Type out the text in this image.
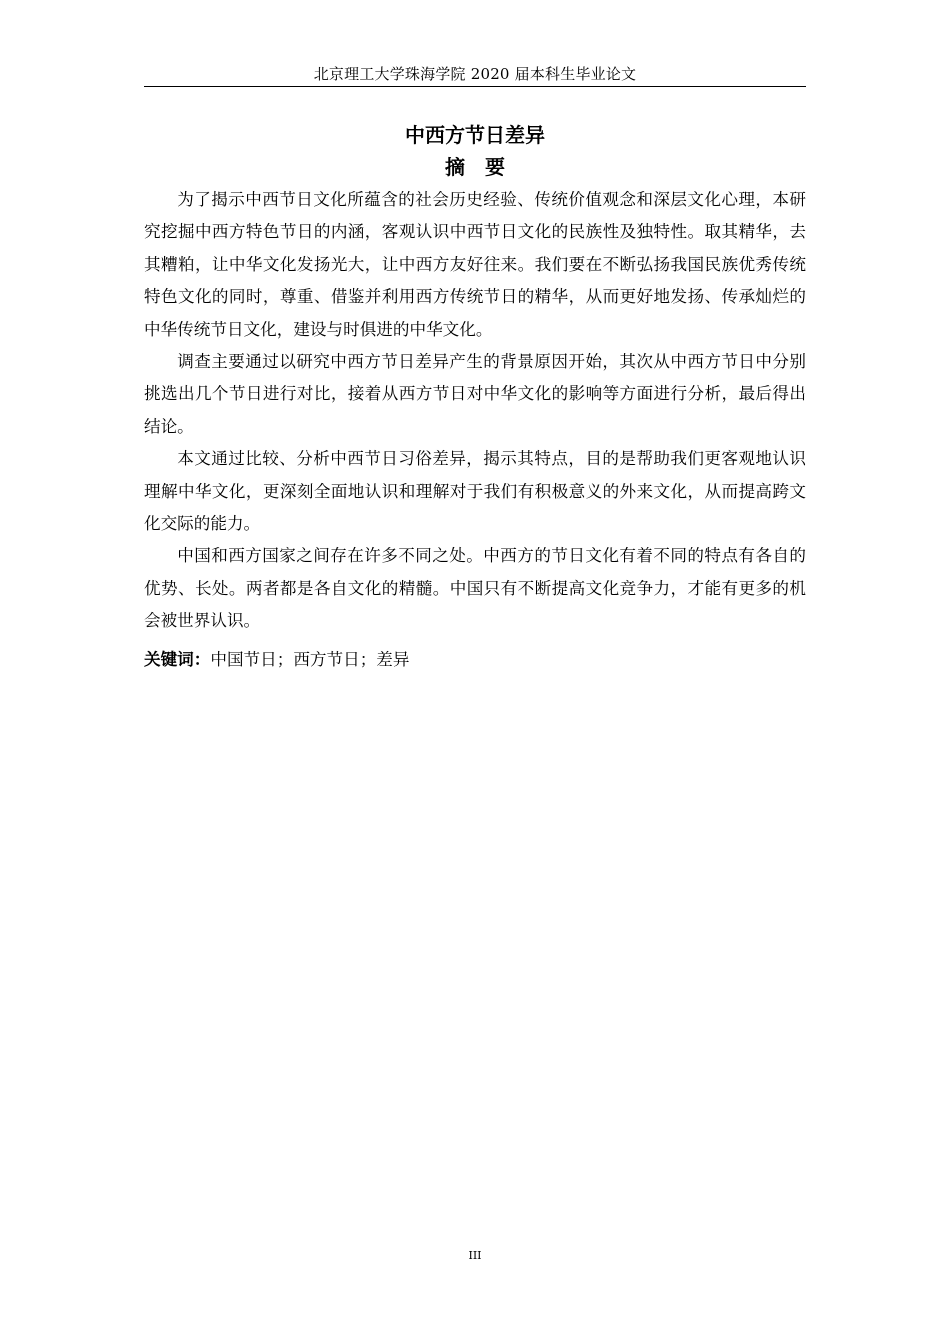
北京理工大学珠海学院 2020 届本科生毕业论文
中西方节日差异
摘要

为了揭示中西节日文化所蕴含的社会历史经验、传统价值观念和深层文化心理，本研究挖掘中西方特色节日的内涵，客观认识中西节日文化的民族性及独特性。取其精华，去其糟粕，让中华文化发扬光大，让中西方友好往来。我们要在不断弘扬我国民族优秀传统特色文化的同时，尊重、借鉴并利用西方传统节日的精华，从而更好地发扬、传承灿烂的中华传统节日文化，建设与时俱进的中华文化。

调查主要通过以研究中西方节日差异产生的背景原因开始，其次从中西方节日中分别挑选出几个节日进行对比，接着从西方节日对中华文化的影响等方面进行分析，最后得出结论。

本文通过比较、分析中西节日习俗差异，揭示其特点，目的是帮助我们更客观地认识理解中华文化，更深刻全面地认识和理解对于我们有积极意义的外来文化，从而提高跨文化交际的能力。

中国和西方国家之间存在许多不同之处。中西方的节日文化有着不同的特点有各自的优势、长处。两者都是各自文化的精髓。中国只有不断提高文化竞争力，才能有更多的机会被世界认识。

关键词：中国节日；西方节日；差异
III
